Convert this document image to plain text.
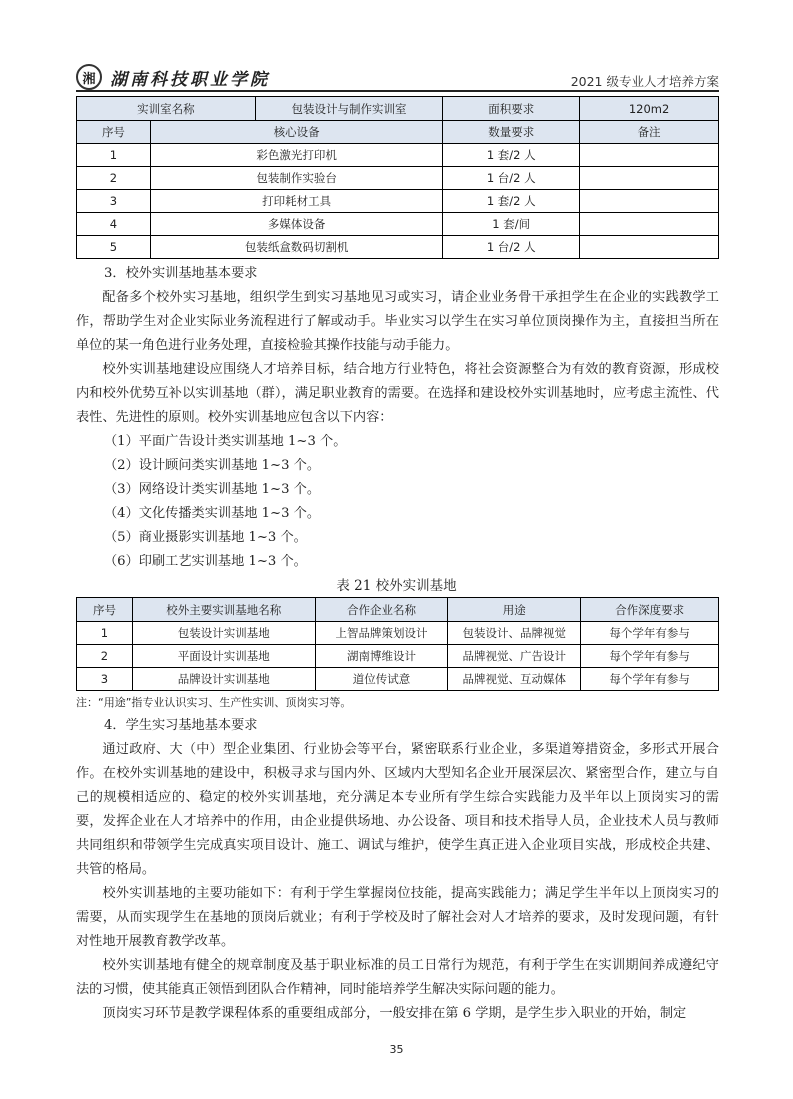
湘 湖南科技职业学院	2021 级专业人才培养方案
实训室名称		包装设计与制作实训室	面积要求	120m2
序号	核心设备		数量要求	备注
1	彩色激光打印机		1 套/2 人	
2	包装制作实验台		1 台/2 人	
3	打印耗材工具		1 套/2 人	
4	多媒体设备		1 套/间	
5	包装纸盒数码切割机		1 台/2 人	
3．校外实训基地基本要求
配备多个校外实习基地，组织学生到实习基地见习或实习，请企业业务骨干承担学生在企业的实践教学工作，帮助学生对企业实际业务流程进行了解或动手。毕业实习以学生在实习单位顶岗操作为主，直接担当所在单位的某一角色进行业务处理，直接检验其操作技能与动手能力。
校外实训基地建设应围绕人才培养目标，结合地方行业特色，将社会资源整合为有效的教育资源，形成校内和校外优势互补以实训基地（群），满足职业教育的需要。在选择和建设校外实训基地时，应考虑主流性、代表性、先进性的原则。校外实训基地应包含以下内容：
（1）平面广告设计类实训基地 1~3 个。
（2）设计顾问类实训基地 1~3 个。
（3）网络设计类实训基地 1~3 个。
（4）文化传播类实训基地 1~3 个。
（5）商业摄影实训基地 1~3 个。
（6）印刷工艺实训基地 1~3 个。
表 21 校外实训基地
序号	校外主要实训基地名称	合作企业名称	用途	合作深度要求
1	包装设计实训基地	上智品牌策划设计	包装设计、品牌视觉	每个学年有参与
2	平面设计实训基地	湖南博维设计	品牌视觉、广告设计	每个学年有参与
3	品牌设计实训基地	道位传试意	品牌视觉、互动媒体	每个学年有参与
注：“用途”指专业认识实习、生产性实训、顶岗实习等。
4．学生实习基地基本要求
通过政府、大（中）型企业集团、行业协会等平台，紧密联系行业企业，多渠道筹措资金，多形式开展合作。在校外实训基地的建设中，积极寻求与国内外、区域内大型知名企业开展深层次、紧密型合作，建立与自己的规模相适应的、稳定的校外实训基地，充分满足本专业所有学生综合实践能力及半年以上顶岗实习的需要，发挥企业在人才培养中的作用，由企业提供场地、办公设备、项目和技术指导人员，企业技术人员与教师共同组织和带领学生完成真实项目设计、施工、调试与维护，使学生真正进入企业项目实战，形成校企共建、共管的格局。
校外实训基地的主要功能如下：有利于学生掌握岗位技能，提高实践能力；满足学生半年以上顶岗实习的需要，从而实现学生在基地的顶岗后就业；有利于学校及时了解社会对人才培养的要求，及时发现问题，有针对性地开展教育教学改革。
校外实训基地有健全的规章制度及基于职业标准的员工日常行为规范，有利于学生在实训期间养成遵纪守法的习惯，使其能真正领悟到团队合作精神，同时能培养学生解决实际问题的能力。
顶岗实习环节是教学课程体系的重要组成部分，一般安排在第 6 学期，是学生步入职业的开始，制定
35
